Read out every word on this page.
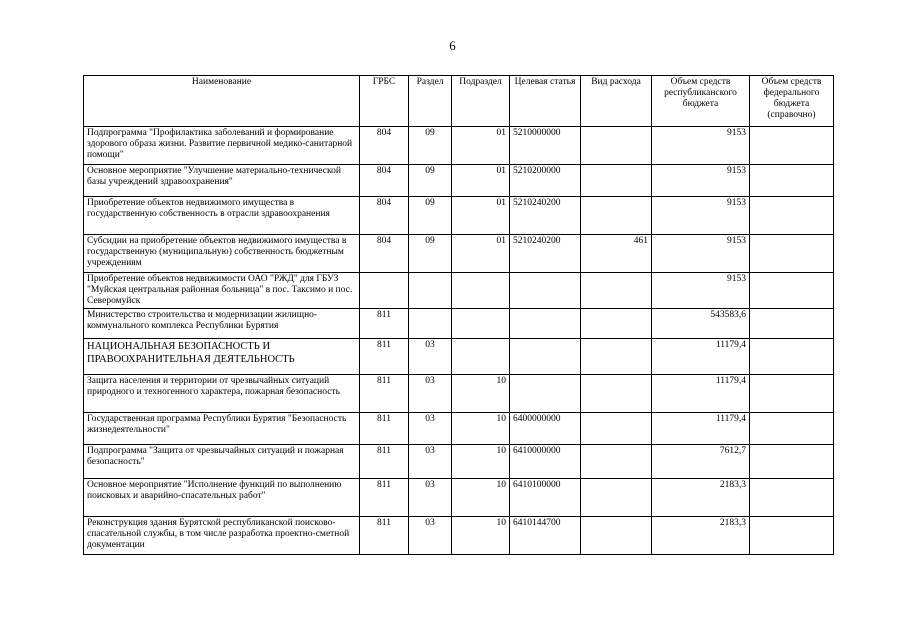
6
Наименование	ГРБС	Раздел	Подраздел	Целевая статья	Вид расхода	Объем средств республиканского бюджета	Объем средств федерального бюджета (справочно)
Подпрограмма "Профилактика заболеваний и формирование здорового образа жизни. Развитие первичной медико-санитарной помощи"	804	09	01	5210000000		9153	
Основное мероприятие "Улучшение материально-технической базы учреждений здравоохранения"	804	09	01	5210200000		9153	
Приобретение объектов недвижимого имущества в государственную собственность в отрасли здравоохранения	804	09	01	5210240200		9153	
Субсидии на приобретение объектов недвижимого имущества в государственную (муниципальную) собственность бюджетным учреждениям	804	09	01	5210240200	461	9153	
Приобретение объектов недвижимости ОАО "РЖД" для ГБУЗ "Муйская центральная районная больница" в пос. Таксимо и пос. Северомуйск						9153	
Министерство строительства и модернизации жилищно-коммунального комплекса Республики Бурятия	811					543583,6	
НАЦИОНАЛЬНАЯ БЕЗОПАСНОСТЬ И ПРАВООХРАНИТЕЛЬНАЯ ДЕЯТЕЛЬНОСТЬ	811	03				11179,4	
Защита населения и территории от чрезвычайных ситуаций природного и техногенного характера, пожарная безопасность	811	03	10			11179,4	
Государственная программа Республики Бурятия "Безопасность жизнедеятельности"	811	03	10	6400000000		11179,4	
Подпрограмма "Защита от чрезвычайных ситуаций и пожарная безопасность"	811	03	10	6410000000		7612,7	
Основное мероприятие "Исполнение функций по выполнению поисковых и аварийно-спасательных работ"	811	03	10	6410100000		2183,3	
Реконструкция здания Бурятской республиканской поисково-спасательной службы, в том числе разработка проектно-сметной документации	811	03	10	6410144700		2183,3	
